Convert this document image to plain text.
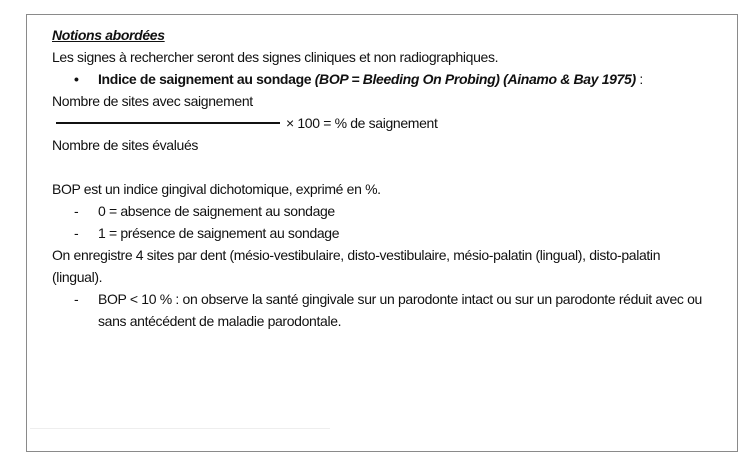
Notions abordées
Les signes à rechercher seront des signes cliniques et non radiographiques.
• Indice de saignement au sondage (BOP = Bleeding On Probing) (Ainamo & Bay 1975) :
Nombre de sites avec saignement
× 100 = % de saignement
Nombre de sites évalués
BOP est un indice gingival dichotomique, exprimé en %.
- 0 = absence de saignement au sondage
- 1 = présence de saignement au sondage
On enregistre 4 sites par dent (mésio-vestibulaire, disto-vestibulaire, mésio-palatin (lingual), disto-palatin (lingual).
- BOP < 10 % : on observe la santé gingivale sur un parodonte intact ou sur un parodonte réduit avec ou sans antécédent de maladie parodontale.
